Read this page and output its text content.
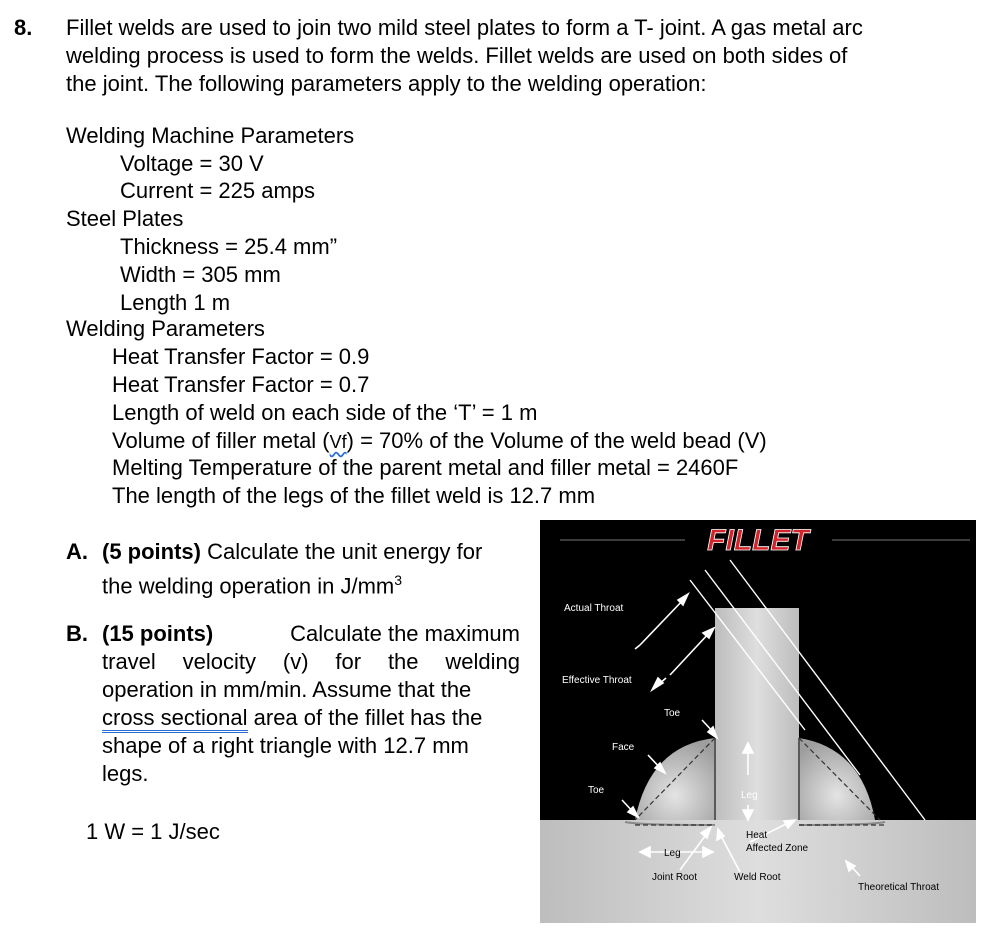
8. Fillet welds are used to join two mild steel plates to form a T- joint. A gas metal arc
welding process is used to form the welds. Fillet welds are used on both sides of
the joint. The following parameters apply to the welding operation:
Welding Machine Parameters
Voltage = 30 V
Current = 225 amps
Steel Plates
Thickness = 25.4 mm”
Width = 305 mm
Length 1 m
Welding Parameters
Heat Transfer Factor = 0.9
Heat Transfer Factor = 0.7
Length of weld on each side of the ‘T’ = 1 m
Volume of filler metal (Vf) = 70% of the Volume of the weld bead (V)
Melting Temperature of the parent metal and filler metal = 2460F
The length of the legs of the fillet weld is 12.7 mm
A. (5 points) Calculate the unit energy for
the welding operation in $J/mm^3$
B. (15 points)	Calculate the maximum
travel velocity (v) for the welding
operation in mm/min. Assume that the
cross sectional area of the fillet has the
shape of a right triangle with 12.7 mm
legs.
1 W = 1 J/sec
FILLET
Actual Throat
Effective Throat
Toe
Face
Toe	Leg
Leg
Heat
Affected Zone
Joint Root	Weld Root
Theoretical Throat
